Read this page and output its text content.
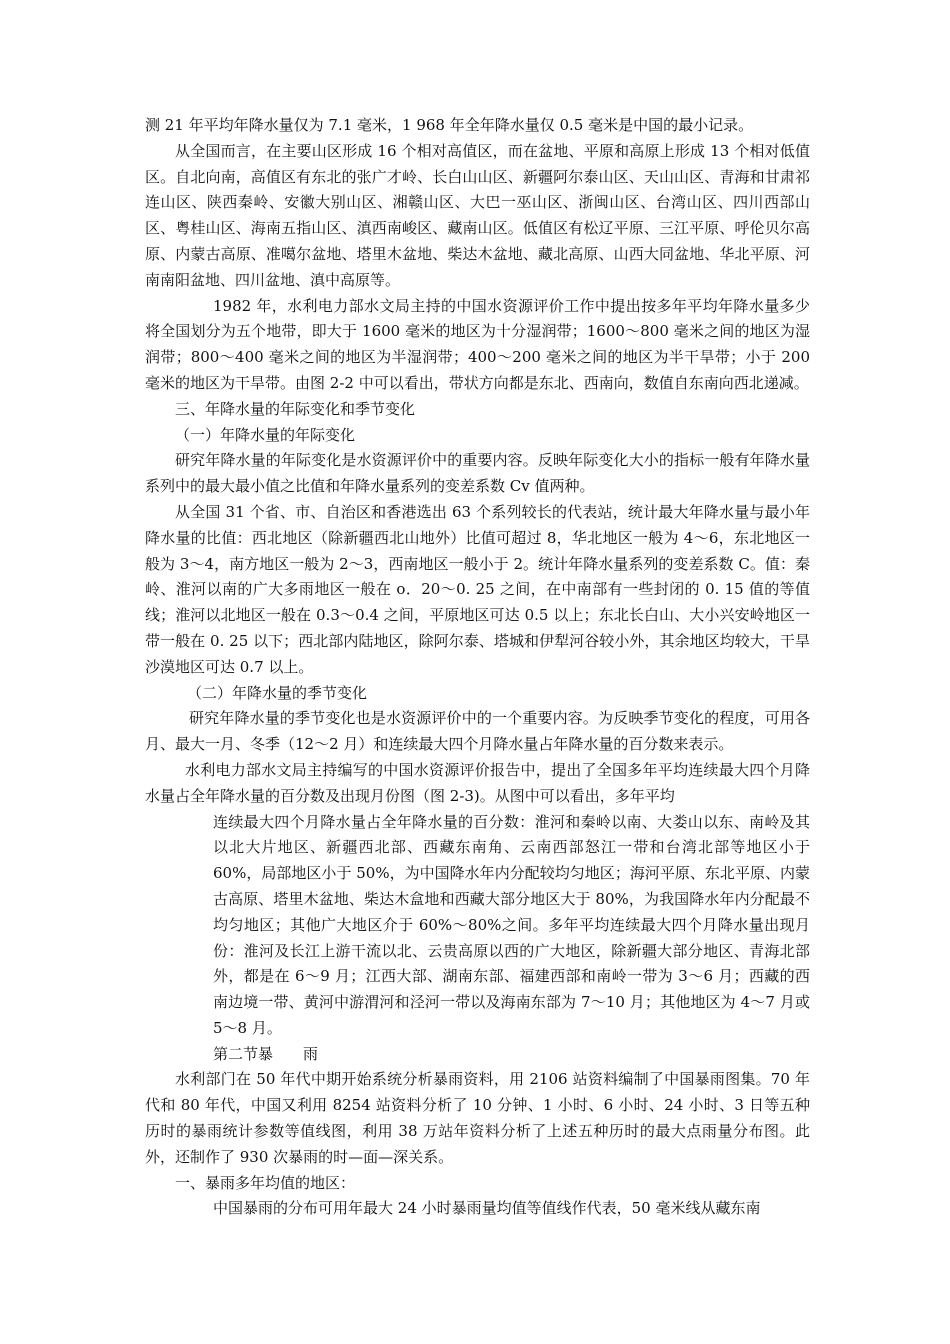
测 21 年平均年降水量仅为 7.1 毫米，1 968 年全年降水量仅 0.5 毫米是中国的最小记录。

从全国而言，在主要山区形成 16 个相对高值区，而在盆地、平原和高原上形成 13 个相对低值区。自北向南，高值区有东北的张广才岭、长白山山区、新疆阿尔泰山区、天山山区、青海和甘肃祁连山区、陕西秦岭、安徽大别山区、湘赣山区、大巴一巫山区、浙闽山区、台湾山区、四川西部山区、粤桂山区、海南五指山区、滇西南峻区、藏南山区。低值区有松辽平原、三江平原、呼伦贝尔高原、内蒙古高原、准噶尔盆地、塔里木盆地、柴达木盆地、藏北高原、山西大同盆地、华北平原、河南南阳盆地、四川盆地、滇中高原等。

1982 年，水利电力部水文局主持的中国水资源评价工作中提出按多年平均年降水量多少将全国划分为五个地带，即大于 1600 毫米的地区为十分湿润带；1600～800 毫米之间的地区为湿润带；800～400 毫米之间的地区为半湿润带；400～200 毫米之间的地区为半干旱带；小于 200 毫米的地区为干旱带。由图 2-2 中可以看出，带状方向都是东北、西南向，数值自东南向西北递减。

三、年降水量的年际变化和季节变化

（一）年降水量的年际变化

研究年降水量的年际变化是水资源评价中的重要内容。反映年际变化大小的指标一般有年降水量系列中的最大最小值之比值和年降水量系列的变差系数 Cv 值两种。

从全国 31 个省、市、自治区和香港选出 63 个系列较长的代表站，统计最大年降水量与最小年降水量的比值：西北地区（除新疆西北山地外）比值可超过 8，华北地区一般为 4～6，东北地区一般为 3～4，南方地区一般为 2～3，西南地区一般小于 2。统计年降水量系列的变差系数 C。值：秦岭、淮河以南的广大多雨地区一般在 o．20～0. 25 之间，在中南部有一些封闭的 0. 15 值的等值线；淮河以北地区一般在 0.3～0.4 之间，平原地区可达 0.5 以上；东北长白山、大小兴安岭地区一带一般在 0. 25 以下；西北部内陆地区，除阿尔泰、塔城和伊犁河谷较小外，其余地区均较大，干旱沙漠地区可达 0.7 以上。

（二）年降水量的季节变化

研究年降水量的季节变化也是水资源评价中的一个重要内容。为反映季节变化的程度，可用各月、最大一月、冬季（12～2 月）和连续最大四个月降水量占年降水量的百分数来表示。

水利电力部水文局主持编写的中国水资源评价报告中，提出了全国多年平均连续最大四个月降水量占全年降水量的百分数及出现月份图（图 2-3)。从图中可以看出，多年平均

连续最大四个月降水量占全年降水量的百分数：淮河和秦岭以南、大娄山以东、南岭及其以北大片地区、新疆西北部、西藏东南角、云南西部怒江一带和台湾北部等地区小于 60%，局部地区小于 50%，为中国降水年内分配较均匀地区；海河平原、东北平原、内蒙古高原、塔里木盆地、柴达木盒地和西藏大部分地区大于 80%，为我国降水年内分配最不均匀地区；其他广大地区介于 60%～80%之间。多年平均连续最大四个月降水量出现月份：淮河及长江上游干流以北、云贵高原以西的广大地区，除新疆大部分地区、青海北部外，都是在 6～9 月；江西大部、湖南东部、福建西部和南岭一带为 3～6 月；西藏的西南边境一带、黄河中游渭河和泾河一带以及海南东部为 7～10 月；其他地区为 4～7 月或 5～8 月。

第二节暴　　雨

水利部门在 50 年代中期开始系统分析暴雨资料，用 2106 站资料编制了中国暴雨图集。70 年代和 80 年代，中国又利用 8254 站资料分析了 10 分钟、1 小时、6 小时、24 小时、3 日等五种历时的暴雨统计参数等值线图，利用 38 万站年资料分析了上述五种历时的最大点雨量分布图。此外，还制作了 930 次暴雨的时—面—深关系。

一、暴雨多年均值的地区：

中国暴雨的分布可用年最大 24 小时暴雨量均值等值线作代表，50 毫米线从藏东南
